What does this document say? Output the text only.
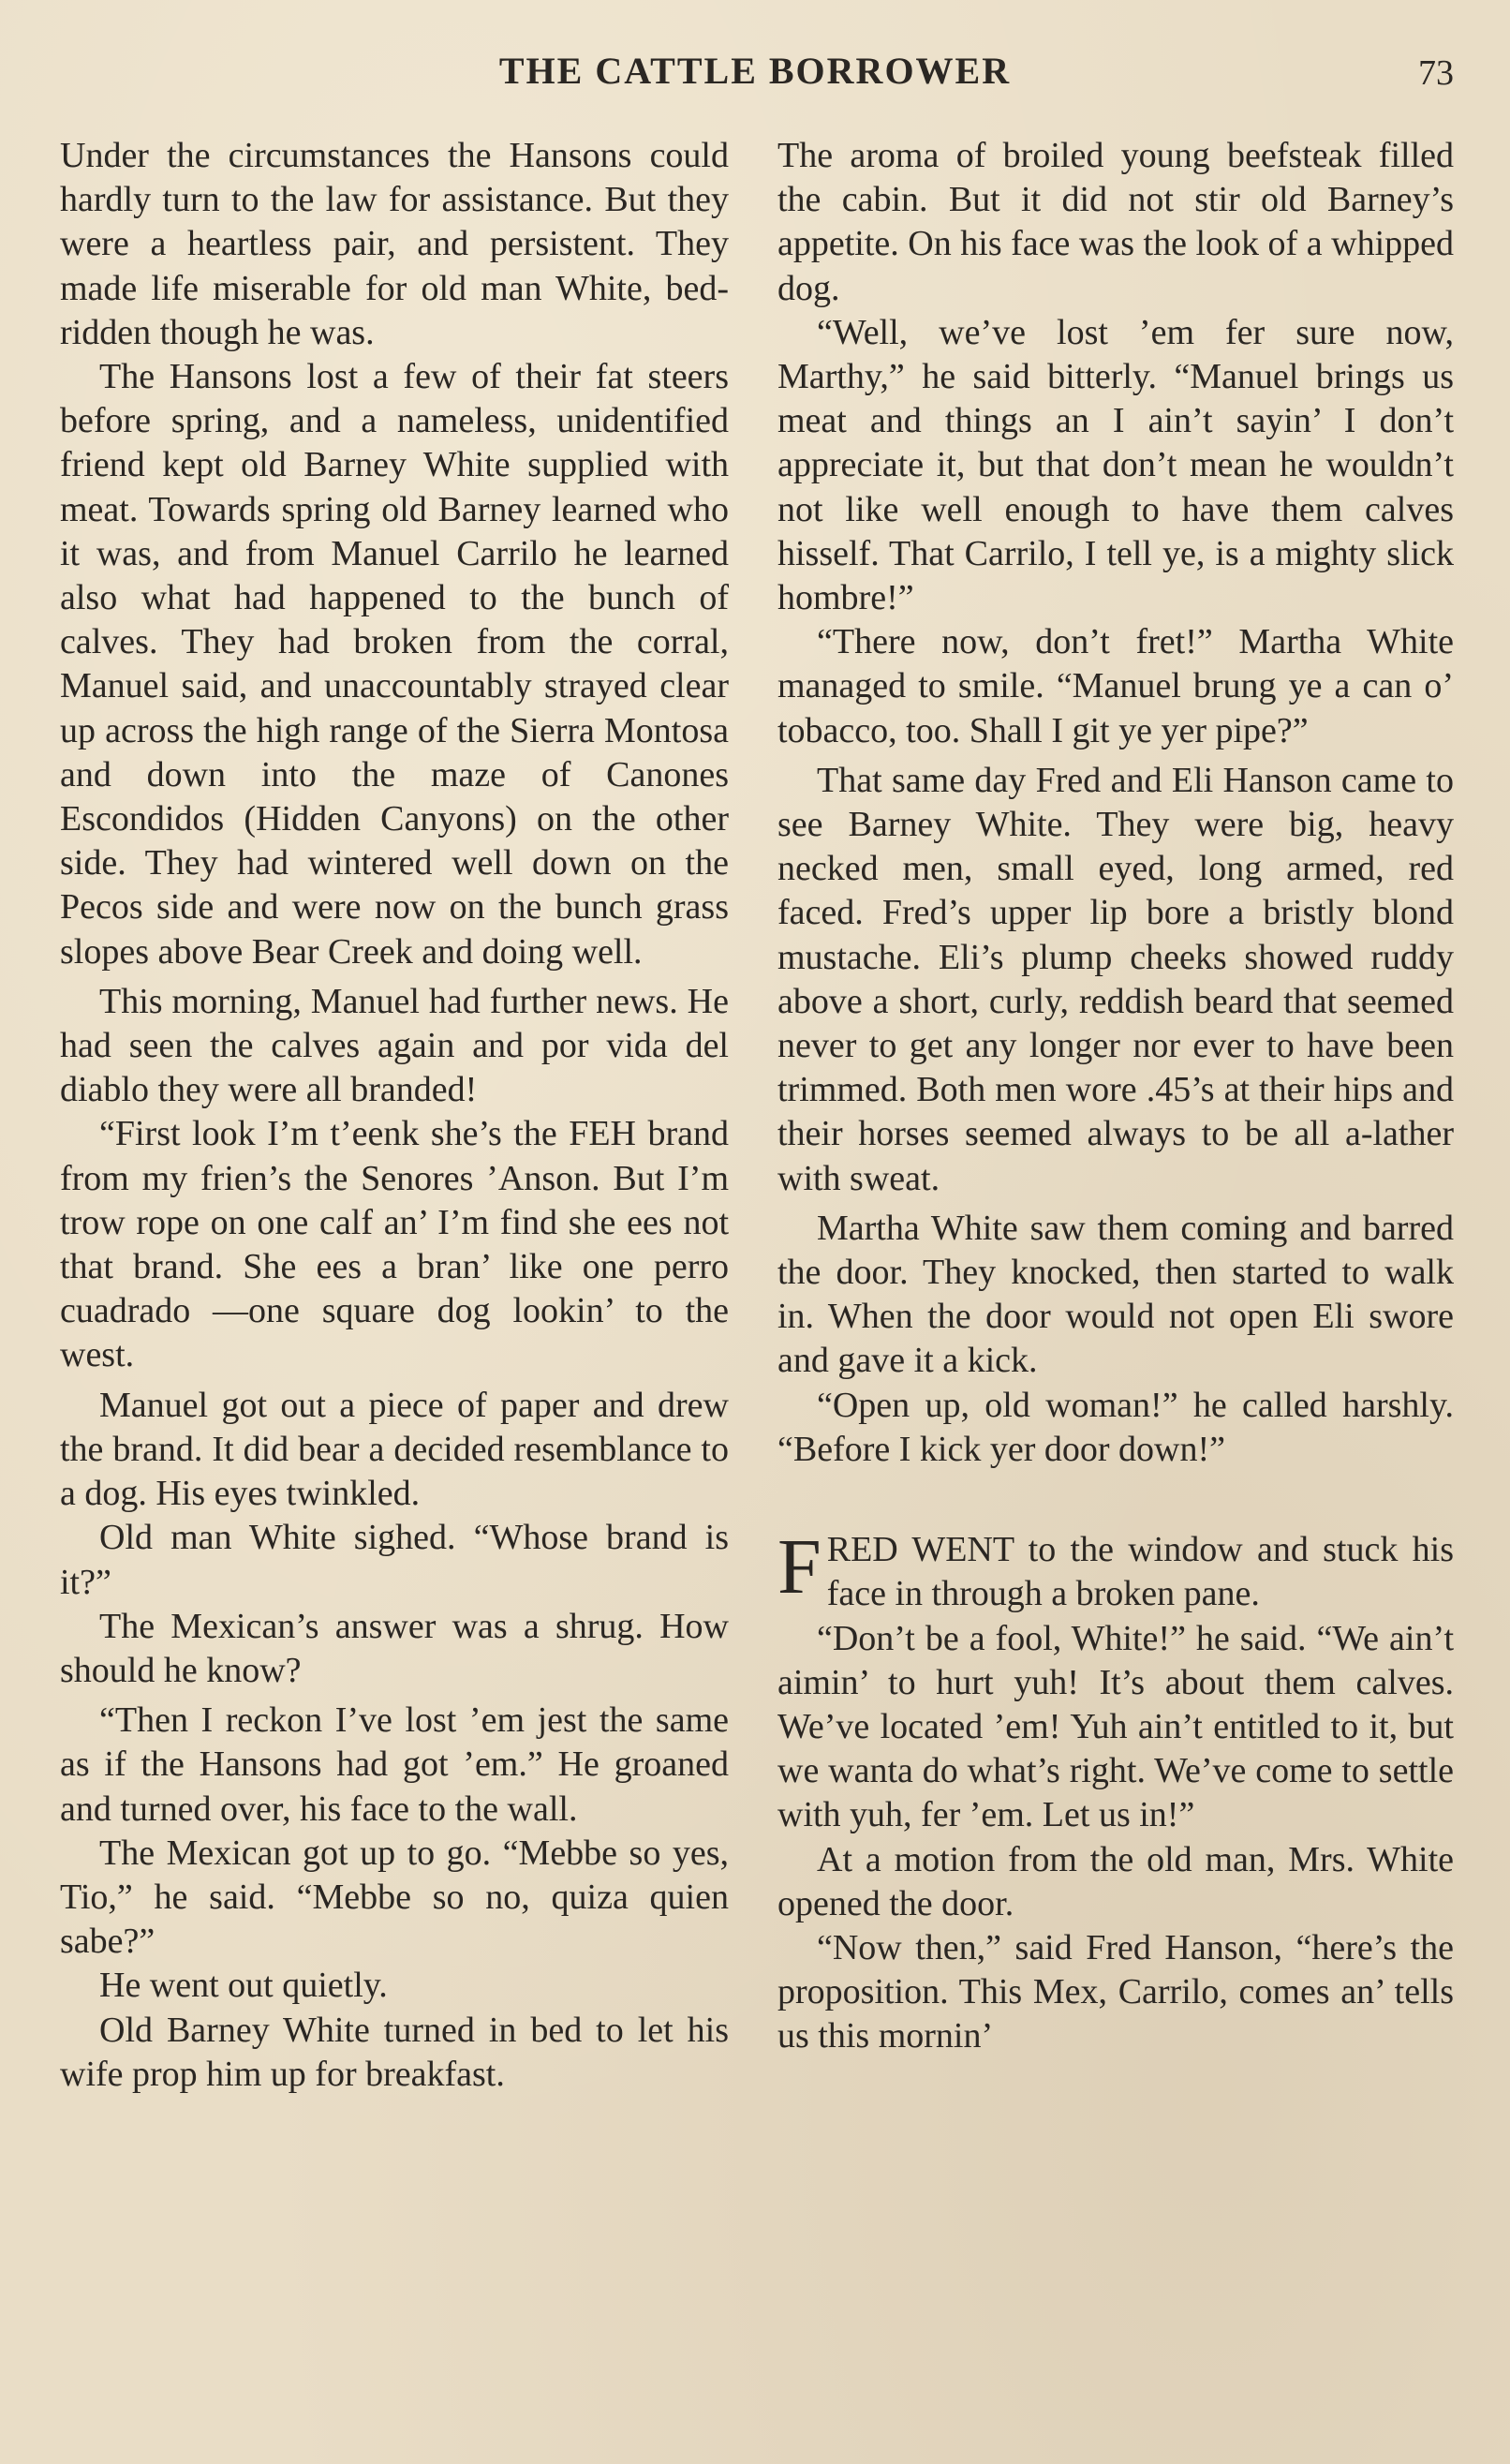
THE CATTLE BORROWER	73

Under the circumstances the Hansons could hardly turn to the law for assistance. But they were a heartless pair, and persistent. They made life miserable for old man White, bed-ridden though he was.

The Hansons lost a few of their fat steers before spring, and a nameless, unidentified friend kept old Barney White supplied with meat. Towards spring old Barney learned who it was, and from Manuel Carrilo he learned also what had happened to the bunch of calves. They had broken from the corral, Manuel said, and unaccountably strayed clear up across the high range of the Sierra Montosa and down into the maze of Canones Escondidos (Hidden Canyons) on the other side. They had wintered well down on the Pecos side and were now on the bunch grass slopes above Bear Creek and doing well.

This morning, Manuel had further news. He had seen the calves again and por vida del diablo they were all branded!

“First look I’m t’eenk she’s the FEH brand from my frien’s the Senores ’Anson. But I’m trow rope on one calf an’ I’m find she ees not that brand. She ees a bran’ like one perro cuadrado —one square dog lookin’ to the west.

Manuel got out a piece of paper and drew the brand. It did bear a decided resemblance to a dog. His eyes twinkled.

Old man White sighed. “Whose brand is it?”

The Mexican’s answer was a shrug. How should he know?

“Then I reckon I’ve lost ’em jest the same as if the Hansons had got ’em.” He groaned and turned over, his face to the wall.

The Mexican got up to go. “Mebbe so yes, Tio,” he said. “Mebbe so no, quiza quien sabe?”

He went out quietly.

Old Barney White turned in bed to let his wife prop him up for breakfast.

The aroma of broiled young beefsteak filled the cabin. But it did not stir old Barney’s appetite. On his face was the look of a whipped dog.

“Well, we’ve lost ’em fer sure now, Marthy,” he said bitterly. “Manuel brings us meat and things an I ain’t sayin’ I don’t appreciate it, but that don’t mean he wouldn’t not like well enough to have them calves hisself. That Carrilo, I tell ye, is a mighty slick hombre!”

“There now, don’t fret!” Martha White managed to smile. “Manuel brung ye a can o’ tobacco, too. Shall I git ye yer pipe?”

That same day Fred and Eli Hanson came to see Barney White. They were big, heavy necked men, small eyed, long armed, red faced. Fred’s upper lip bore a bristly blond mustache. Eli’s plump cheeks showed ruddy above a short, curly, reddish beard that seemed never to get any longer nor ever to have been trimmed. Both men wore .45’s at their hips and their horses seemed always to be all a-lather with sweat.

Martha White saw them coming and barred the door. They knocked, then started to walk in. When the door would not open Eli swore and gave it a kick.

“Open up, old woman!” he called harshly. “Before I kick yer door down!”

FRED WENT to the window and stuck his face in through a broken pane.

“Don’t be a fool, White!” he said. “We ain’t aimin’ to hurt yuh! It’s about them calves. We’ve located ’em! Yuh ain’t entitled to it, but we wanta do what’s right. We’ve come to settle with yuh, fer ’em. Let us in!”

At a motion from the old man, Mrs. White opened the door.

“Now then,” said Fred Hanson, “here’s the proposition. This Mex, Carrilo, comes an’ tells us this mornin’
